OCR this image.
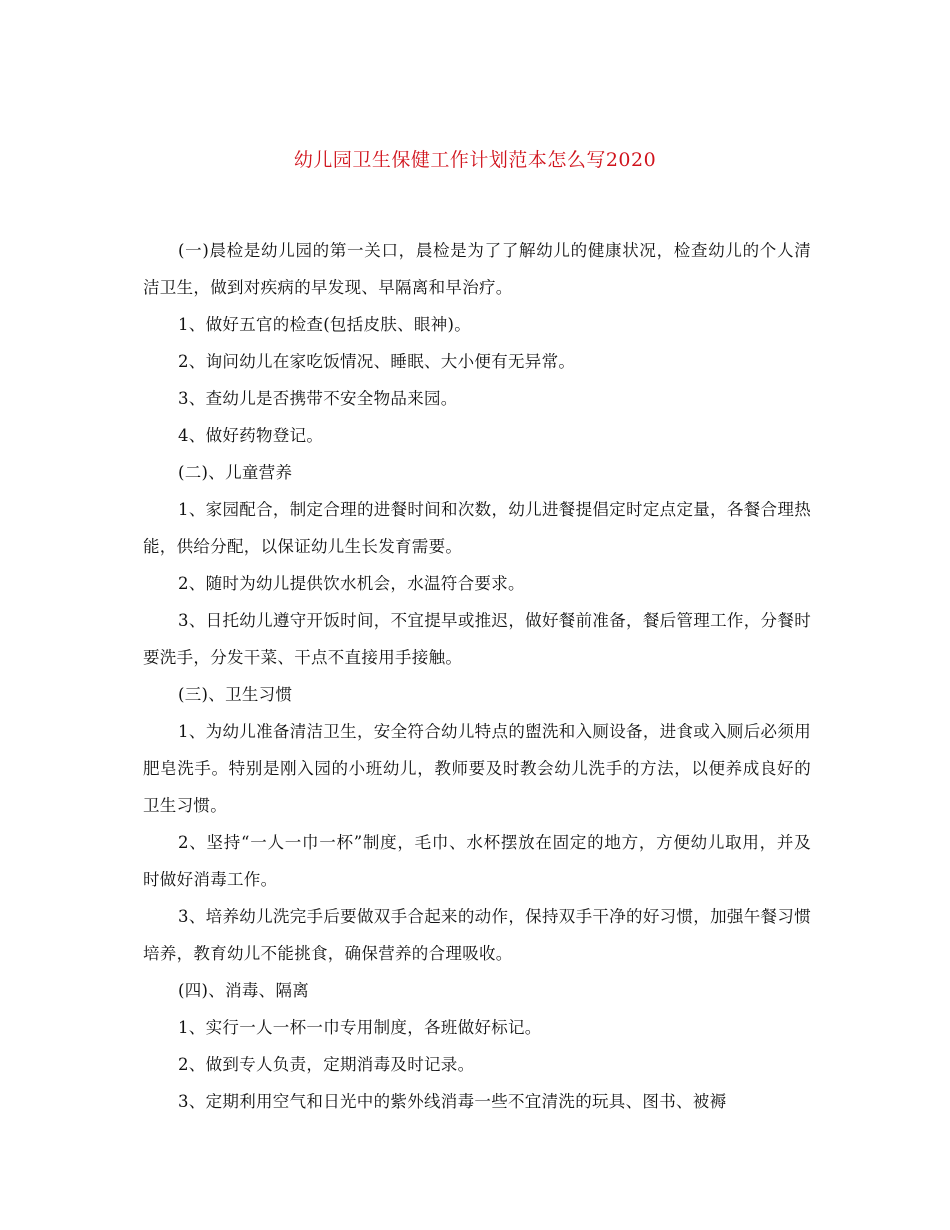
幼儿园卫生保健工作计划范本怎么写2020

(一)晨检是幼儿园的第一关口，晨检是为了了解幼儿的健康状况，检查幼儿的个人清洁卫生，做到对疾病的早发现、早隔离和早治疗。

1、做好五官的检查(包括皮肤、眼神)。

2、询问幼儿在家吃饭情况、睡眠、大小便有无异常。

3、查幼儿是否携带不安全物品来园。

4、做好药物登记。

(二)、儿童营养

1、家园配合，制定合理的进餐时间和次数，幼儿进餐提倡定时定点定量，各餐合理热能，供给分配，以保证幼儿生长发育需要。

2、随时为幼儿提供饮水机会，水温符合要求。

3、日托幼儿遵守开饭时间，不宜提早或推迟，做好餐前准备，餐后管理工作，分餐时要洗手，分发干菜、干点不直接用手接触。

(三)、卫生习惯

1、为幼儿准备清洁卫生，安全符合幼儿特点的盥洗和入厕设备，进食或入厕后必须用肥皂洗手。特别是刚入园的小班幼儿，教师要及时教会幼儿洗手的方法，以便养成良好的卫生习惯。

2、坚持“一人一巾一杯”制度，毛巾、水杯摆放在固定的地方，方便幼儿取用，并及时做好消毒工作。

3、培养幼儿洗完手后要做双手合起来的动作，保持双手干净的好习惯，加强午餐习惯培养，教育幼儿不能挑食，确保营养的合理吸收。

(四)、消毒、隔离

1、实行一人一杯一巾专用制度，各班做好标记。

2、做到专人负责，定期消毒及时记录。

3、定期利用空气和日光中的紫外线消毒一些不宜清洗的玩具、图书、被褥
